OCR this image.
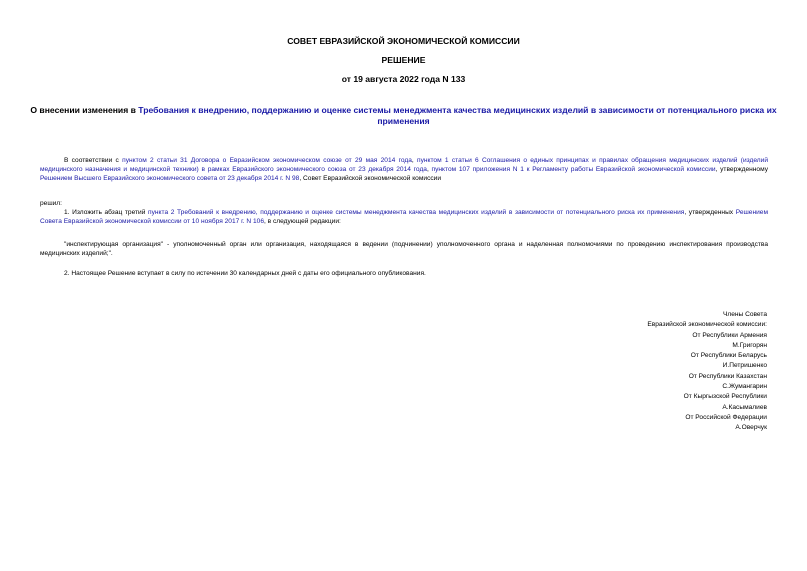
СОВЕТ ЕВРАЗИЙСКОЙ ЭКОНОМИЧЕСКОЙ КОМИССИИ
РЕШЕНИЕ
от 19 августа 2022 года N 133
О внесении изменения в Требования к внедрению, поддержанию и оценке системы менеджмента качества медицинских изделий в зависимости от потенциального риска их применения
В соответствии с пунктом 2 статьи 31 Договора о Евразийском экономическом союзе от 29 мая 2014 года, пунктом 1 статьи 6 Соглашения о единых принципах и правилах обращения медицинских изделий (изделий медицинского назначения и медицинской техники) в рамках Евразийского экономического союза от 23 декабря 2014 года, пунктом 107 приложения N 1 к Регламенту работы Евразийской экономической комиссии, утвержденному Решением Высшего Евразийского экономического совета от 23 декабря 2014 г. N 98, Совет Евразийской экономической комиссии
решил:
1. Изложить абзац третий пункта 2 Требований к внедрению, поддержанию и оценке системы менеджмента качества медицинских изделий в зависимости от потенциального риска их применения, утвержденных Решением Совета Евразийской экономической комиссии от 10 ноября 2017 г. N 106, в следующей редакции:
"инспектирующая организация" - уполномоченный орган или организация, находящаяся в ведении (подчинении) уполномоченного органа и наделенная полномочиями по проведению инспектирования производства медицинских изделий;".
2. Настоящее Решение вступает в силу по истечении 30 календарных дней с даты его официального опубликования.
Члены Совета
Евразийской экономической комиссии:
От Республики Армения
М.Григорян
От Республики Беларусь
И.Петришенко
От Республики Казахстан
С.Жумангарин
От Кыргызской Республики
А.Касымалиев
От Российской Федерации
А.Оверчук
